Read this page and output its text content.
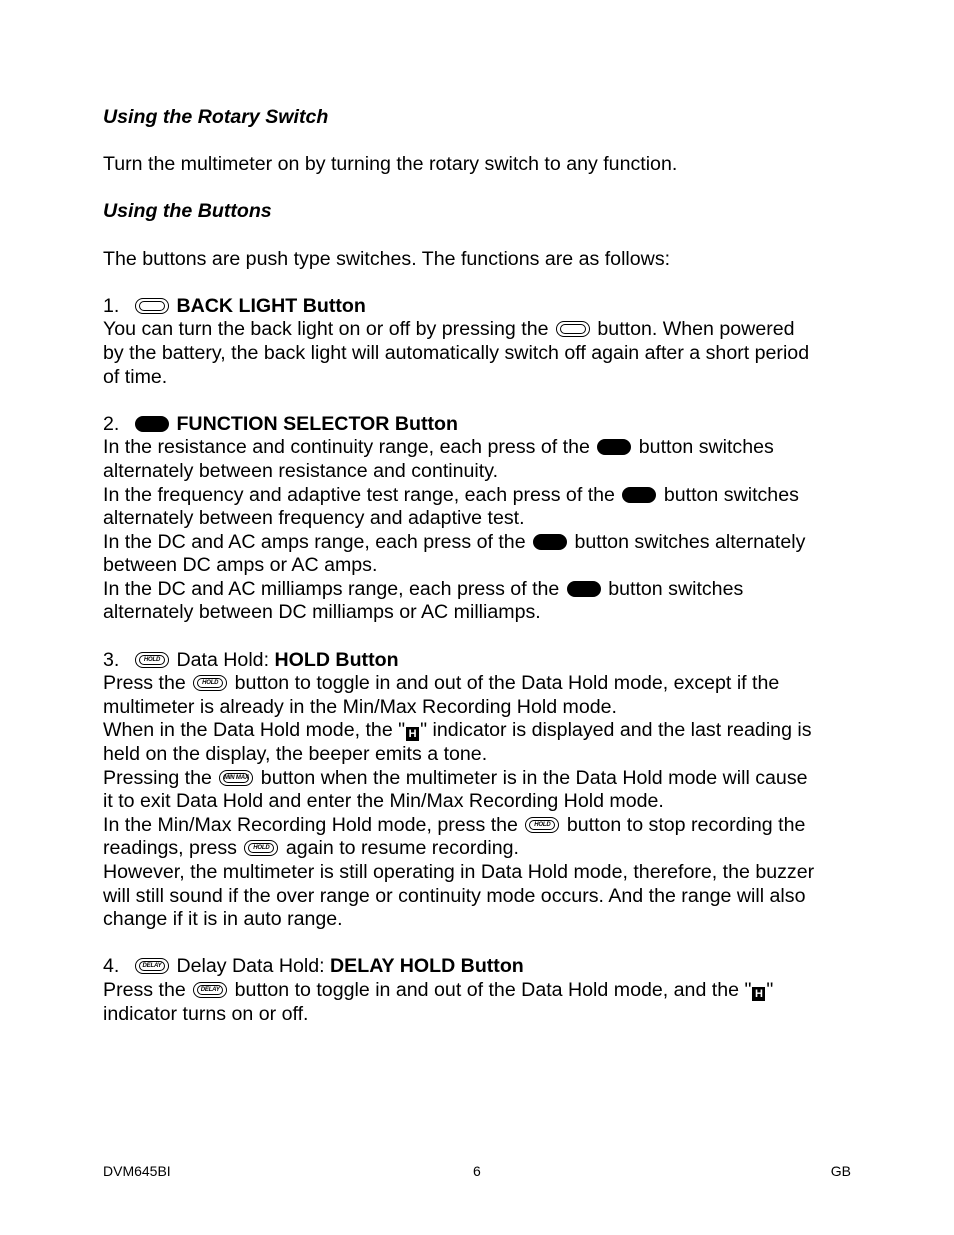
Using the Rotary Switch

Turn the multimeter on by turning the rotary switch to any function.

Using the Buttons

The buttons are push type switches. The functions are as follows:

1.	BACK LIGHT Button

You can turn the back light on or off by pressing the  button. When powered

by the battery, the back light will automatically switch off again after a short period

of time.

2.	FUNCTION SELECTOR Button

In the resistance and continuity range, each press of the  button switches

alternately between resistance and continuity.

In the frequency and adaptive test range, each press of the  button switches

alternately between frequency and adaptive test.

In the DC and AC amps range, each press of the  button switches alternately

between DC amps or AC amps.

In the DC and AC milliamps range, each press of the  button switches

alternately between DC milliamps or AC milliamps.

3.	HOLD Data Hold: HOLD Button

Press the	HOLD button to toggle in and out of the Data Hold mode, except if the

multimeter is already in the Min/Max Recording Hold mode.

When in the Data Hold mode, the " H " indicator is displayed and the last reading is

held on the display, the beeper emits a tone.

Pressing the	MIN MAX button when the multimeter is in the Data Hold mode will cause

it to exit Data Hold and enter the Min/Max Recording Hold mode.

In the Min/Max Recording Hold mode, press the	HOLD button to stop recording the

readings, press	HOLD again to resume recording.

However, the multimeter is still operating in Data Hold mode, therefore, the buzzer

will still sound if the over range or continuity mode occurs. And the range will also

change if it is in auto range.

4.	DELAY Delay Data Hold: DELAY HOLD Button

Press the	DELAY button to toggle in and out of the Data Hold mode, and the " H "

indicator turns on or off.

DVM645BI	6	GB
